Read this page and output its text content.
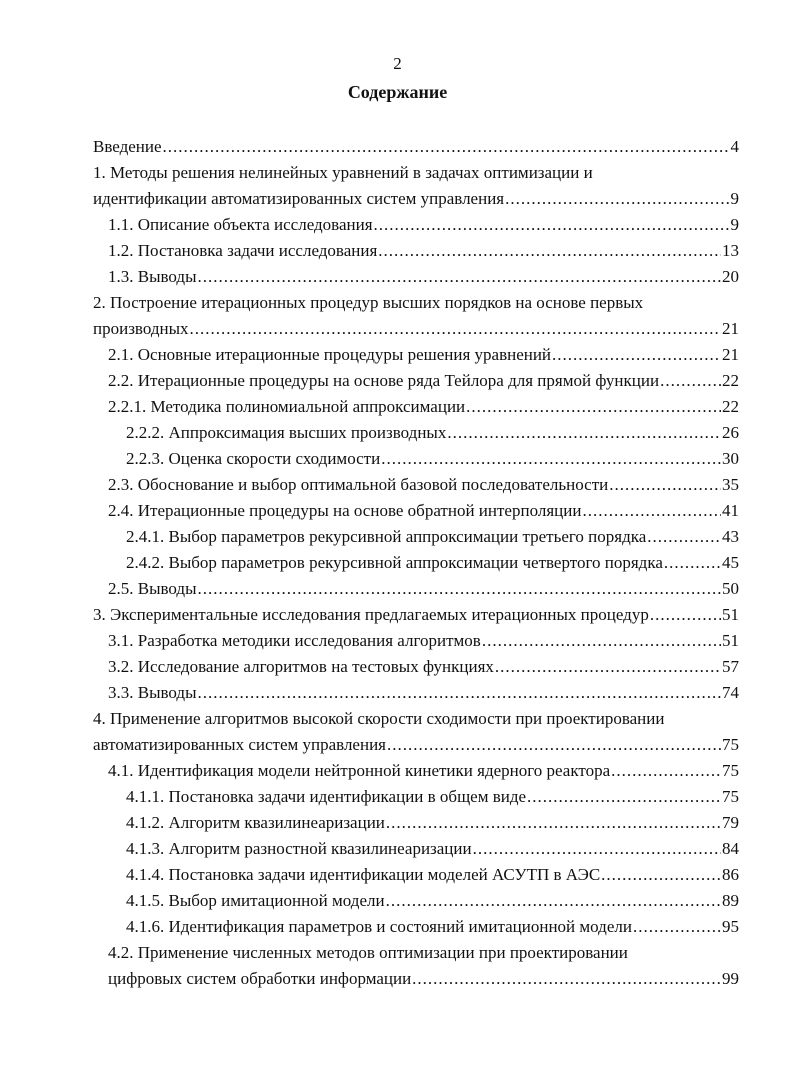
2
Содержание
Введение .....	4
1. Методы решения нелинейных уравнений в задачах оптимизации и
идентификации автоматизированных систем управления .....	9
1.1. Описание объекта исследования .....	9
1.2. Постановка задачи исследования .....	13
1.3. Выводы .....	20
2. Построение итерационных процедур высших порядков на основе первых
производных .....	21
2.1. Основные итерационные процедуры решения уравнений .....	21
2.2. Итерационные процедуры на основе ряда Тейлора для прямой функции .....	22
2.2.1. Методика полиномиальной аппроксимации .....	22
2.2.2. Аппроксимация высших производных .....	26
2.2.3. Оценка скорости сходимости .....	30
2.3. Обоснование и выбор оптимальной базовой последовательности .....	35
2.4. Итерационные процедуры на основе обратной интерполяции .....	41
2.4.1. Выбор параметров рекурсивной аппроксимации третьего порядка .....	43
2.4.2. Выбор параметров рекурсивной аппроксимации четвертого порядка .....	45
2.5. Выводы .....	50
3. Экспериментальные исследования предлагаемых итерационных процедур .....	51
3.1. Разработка методики исследования алгоритмов .....	51
3.2. Исследование алгоритмов на тестовых функциях .....	57
3.3. Выводы .....	74
4. Применение алгоритмов высокой скорости сходимости при проектировании
автоматизированных систем управления .....	75
4.1. Идентификация модели нейтронной кинетики ядерного реактора .....	75
4.1.1. Постановка задачи идентификации в общем виде .....	75
4.1.2. Алгоритм квазилинеаризации .....	79
4.1.3. Алгоритм разностной квазилинеаризации .....	84
4.1.4. Постановка задачи идентификации моделей АСУТП в АЭС .....	86
4.1.5. Выбор имитационной модели .....	89
4.1.6. Идентификация параметров и состояний имитационной модели .....	95
4.2. Применение численных методов оптимизации при проектировании
цифровых систем обработки информации .....	99
